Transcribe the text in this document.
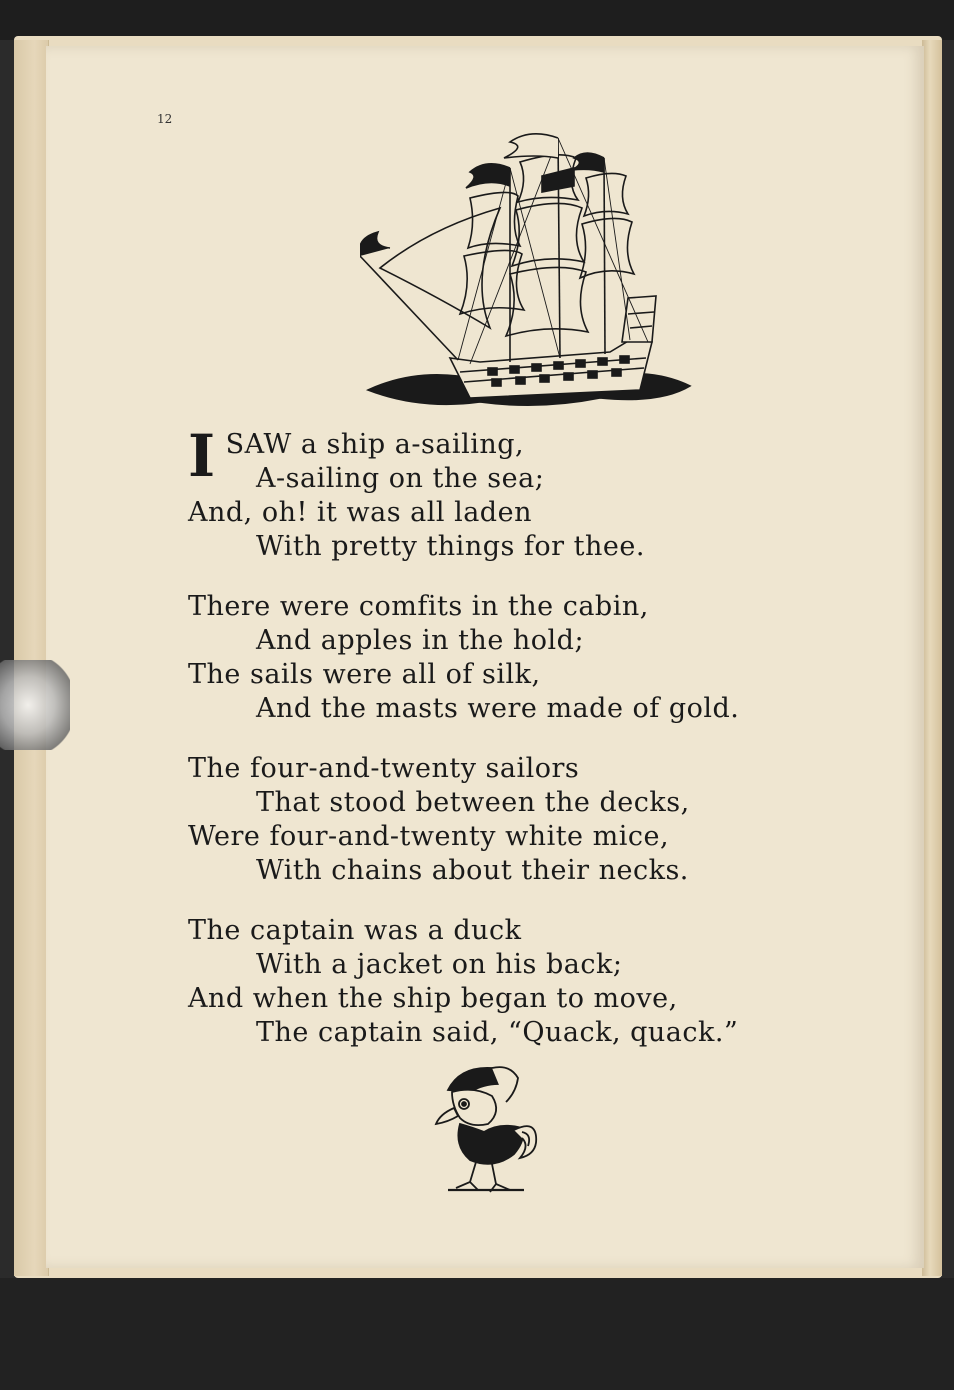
12
I SAW a ship a-sailing,
A-sailing on the sea;
And, oh! it was all laden
With pretty things for thee.
There were comfits in the cabin,
And apples in the hold;
The sails were all of silk,
And the masts were made of gold.
The four-and-twenty sailors
That stood between the decks,
Were four-and-twenty white mice,
With chains about their necks.
The captain was a duck
With a jacket on his back;
And when the ship began to move,
The captain said, “Quack, quack.”
